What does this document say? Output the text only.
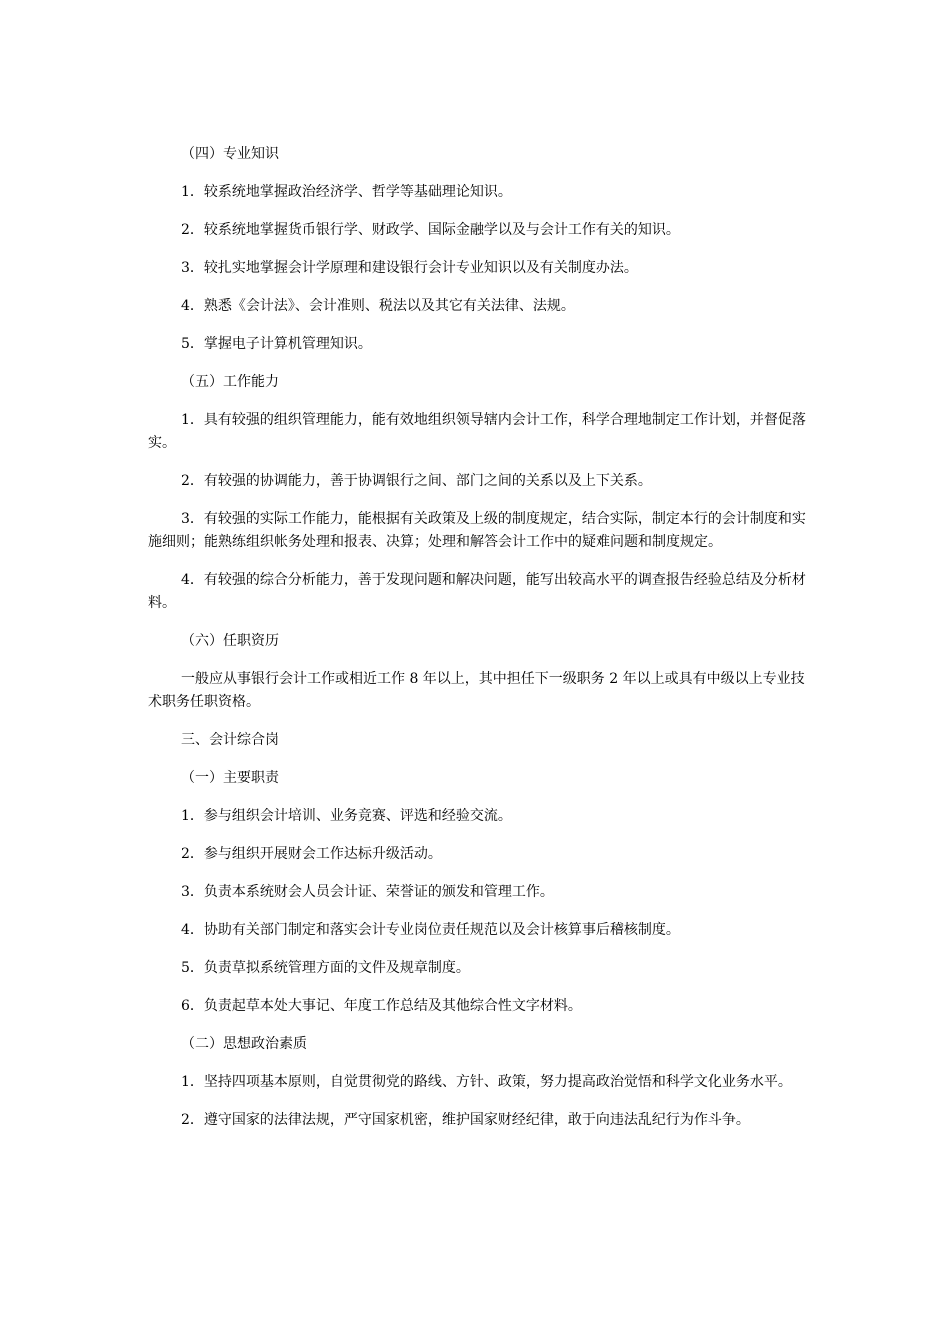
（四）专业知识

1．较系统地掌握政治经济学、哲学等基础理论知识。

2．较系统地掌握货币银行学、财政学、国际金融学以及与会计工作有关的知识。

3．较扎实地掌握会计学原理和建设银行会计专业知识以及有关制度办法。

4．熟悉《会计法》、会计准则、税法以及其它有关法律、法规。

5．掌握电子计算机管理知识。

（五）工作能力

1．具有较强的组织管理能力，能有效地组织领导辖内会计工作，科学合理地制定工作计划，并督促落实。

2．有较强的协调能力，善于协调银行之间、部门之间的关系以及上下关系。

3．有较强的实际工作能力，能根据有关政策及上级的制度规定，结合实际，制定本行的会计制度和实施细则；能熟练组织帐务处理和报表、决算；处理和解答会计工作中的疑难问题和制度规定。

4．有较强的综合分析能力，善于发现问题和解决问题，能写出较高水平的调查报告经验总结及分析材料。

（六）任职资历

一般应从事银行会计工作或相近工作 8 年以上，其中担任下一级职务 2 年以上或具有中级以上专业技术职务任职资格。

三、会计综合岗

（一）主要职责

1．参与组织会计培训、业务竞赛、评选和经验交流。

2．参与组织开展财会工作达标升级活动。

3．负责本系统财会人员会计证、荣誉证的颁发和管理工作。

4．协助有关部门制定和落实会计专业岗位责任规范以及会计核算事后稽核制度。

5．负责草拟系统管理方面的文件及规章制度。

6．负责起草本处大事记、年度工作总结及其他综合性文字材料。

（二）思想政治素质

1．坚持四项基本原则，自觉贯彻党的路线、方针、政策，努力提高政治觉悟和科学文化业务水平。

2．遵守国家的法律法规，严守国家机密，维护国家财经纪律，敢于向违法乱纪行为作斗争。
